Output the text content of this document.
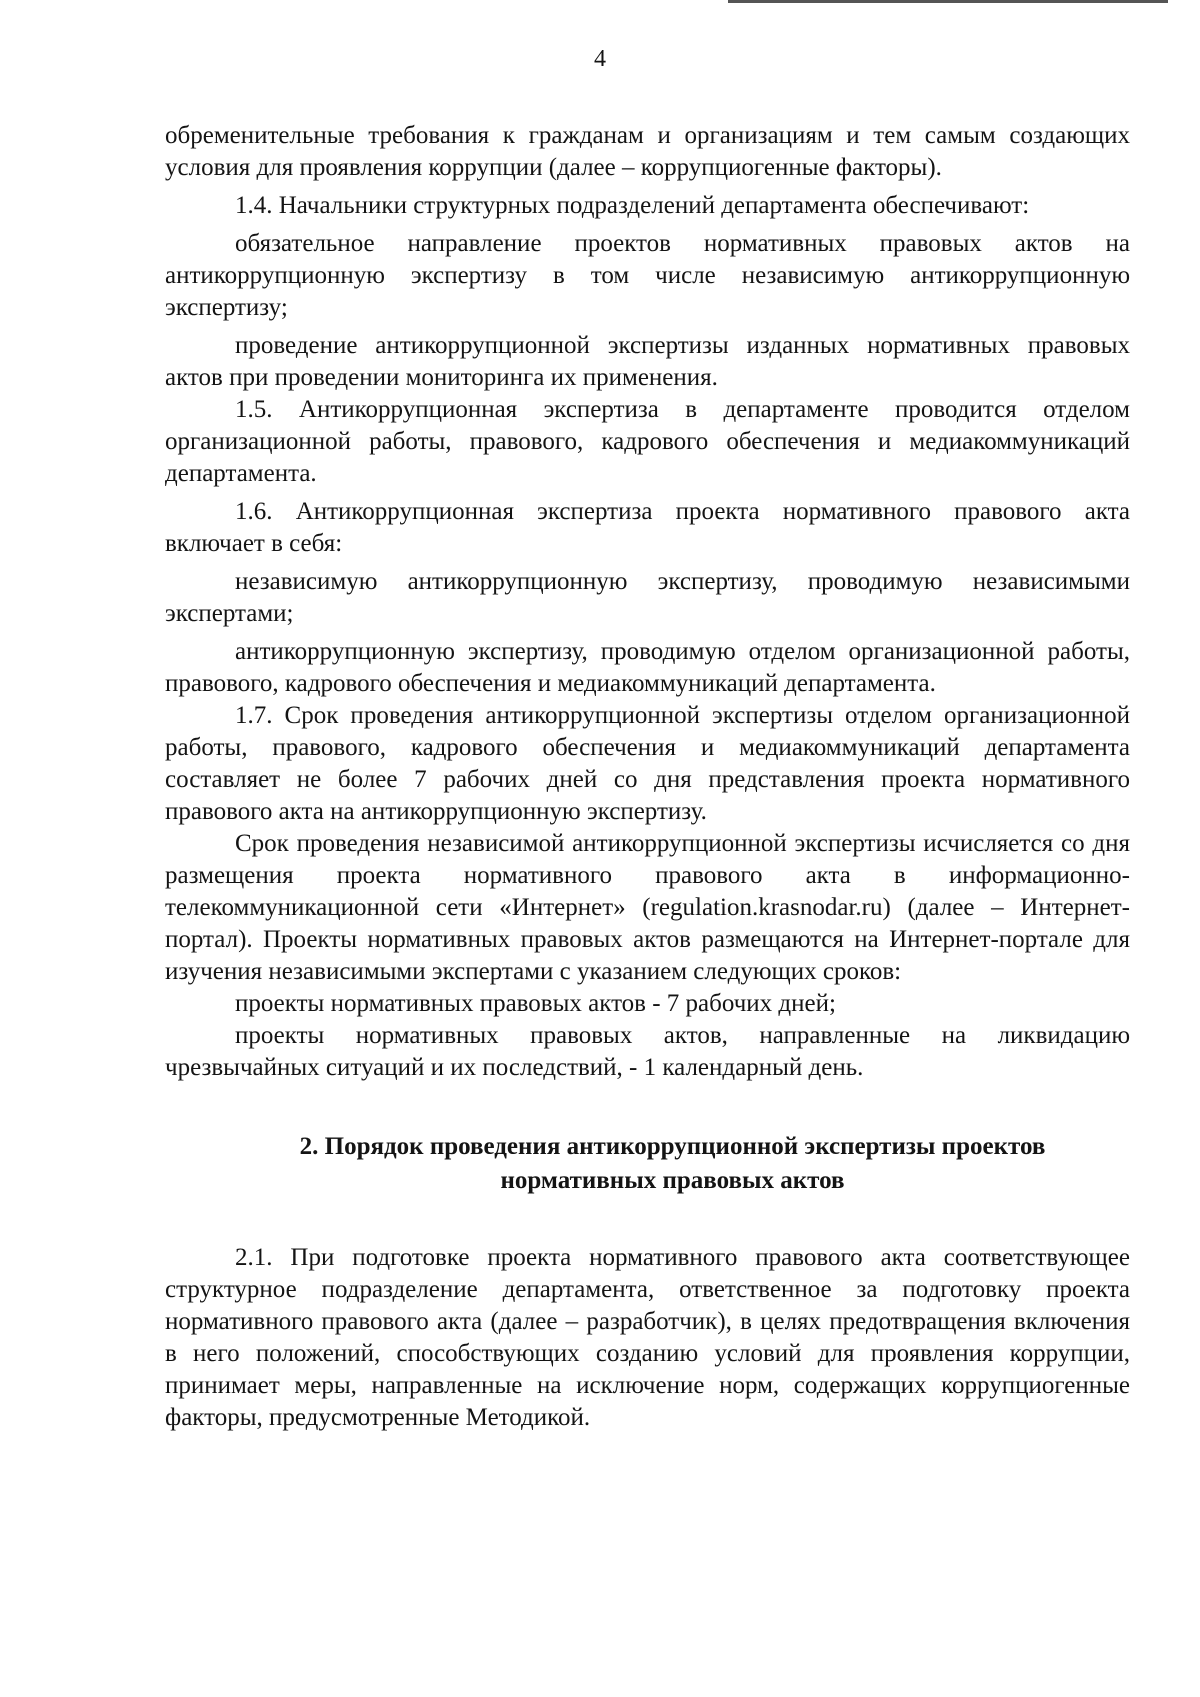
4

обременительные требования к гражданам и организациям и тем самым создающих условия для проявления коррупции (далее – коррупциогенные факторы).

1.4. Начальники структурных подразделений департамента обеспечивают:

обязательное направление проектов нормативных правовых актов на антикоррупционную экспертизу в том числе независимую антикоррупционную экспертизу;

проведение антикоррупционной экспертизы изданных нормативных правовых актов при проведении мониторинга их применения.

1.5. Антикоррупционная экспертиза в департаменте проводится отделом организационной работы, правового, кадрового обеспечения и медиакоммуникаций департамента.

1.6. Антикоррупционная экспертиза проекта нормативного правового акта включает в себя:

независимую антикоррупционную экспертизу, проводимую независимыми экспертами;

антикоррупционную экспертизу, проводимую отделом организационной работы, правового, кадрового обеспечения и медиакоммуникаций департамента.

1.7. Срок проведения антикоррупционной экспертизы отделом организационной работы, правового, кадрового обеспечения и медиакоммуникаций департамента составляет не более 7 рабочих дней со дня представления проекта нормативного правового акта на антикоррупционную экспертизу.

Срок проведения независимой антикоррупционной экспертизы исчисляется со дня размещения проекта нормативного правового акта в информационно-телекоммуникационной сети «Интернет» (regulation.krasnodar.ru) (далее – Интернет-портал). Проекты нормативных правовых актов размещаются на Интернет-портале для изучения независимыми экспертами с указанием следующих сроков:

проекты нормативных правовых актов - 7 рабочих дней;

проекты нормативных правовых актов, направленные на ликвидацию чрезвычайных ситуаций и их последствий, - 1 календарный день.

2. Порядок проведения антикоррупционной экспертизы проектов
нормативных правовых актов

2.1. При подготовке проекта нормативного правового акта соответствующее структурное подразделение департамента, ответственное за подготовку проекта нормативного правового акта (далее – разработчик), в целях предотвращения включения в него положений, способствующих созданию условий для проявления коррупции, принимает меры, направленные на исключение норм, содержащих коррупциогенные факторы, предусмотренные Методикой.
